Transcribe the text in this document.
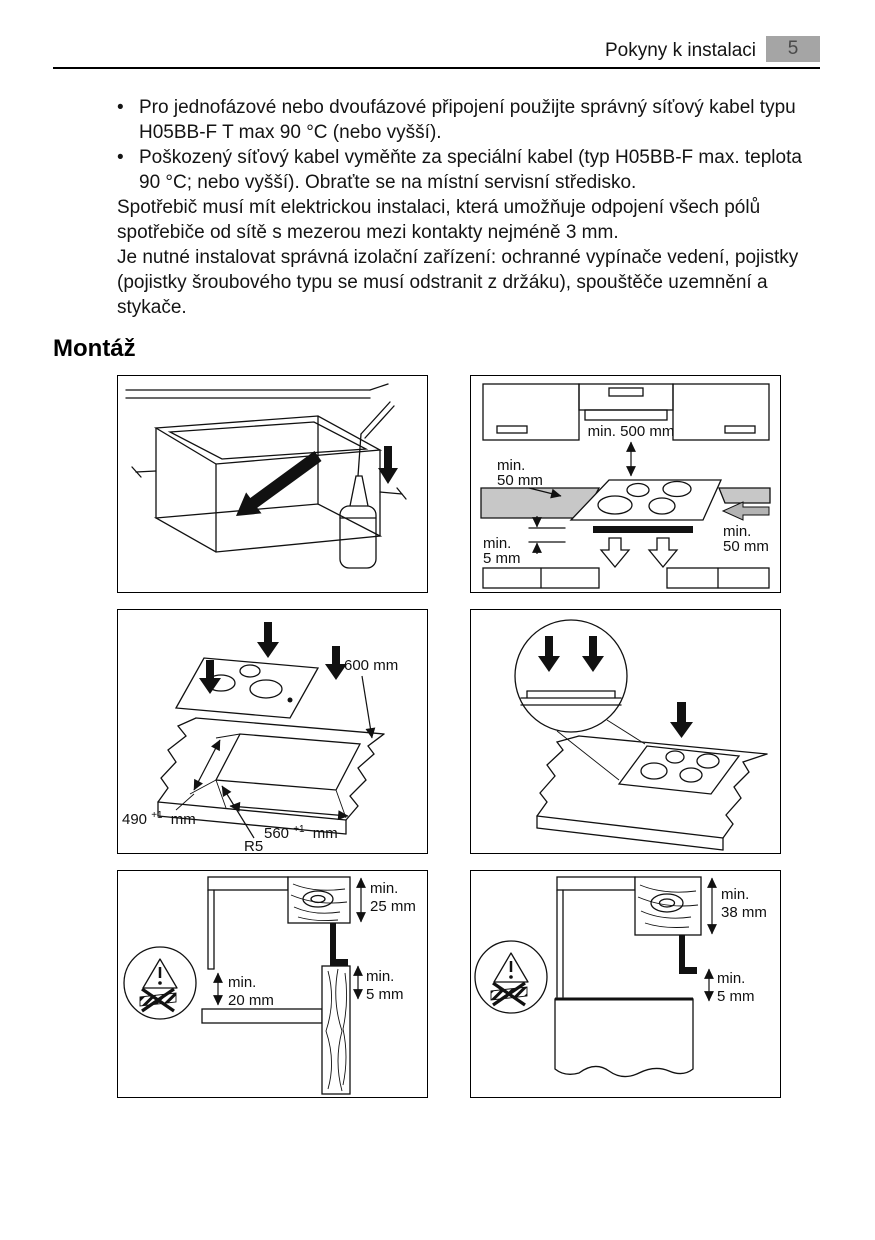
Pokyny k instalaci	5
• Pro jednofázové nebo dvoufázové připojení použijte správný síťový kabel typu H05BB-F T max 90 °C (nebo vyšší).
• Poškozený síťový kabel vyměňte za speciální kabel (typ H05BB-F max. teplota 90 °C; nebo vyšší). Obraťte se na místní servisní středisko.

Spotřebič musí mít elektrickou instalaci, která umožňuje odpojení všech pólů spotřebiče od sítě s mezerou mezi kontakty nejméně 3 mm.

Je nutné instalovat správná izolační zařízení: ochranné vypínače vedení, pojistky (pojistky šroubového typu se musí odstranit z držáku), spouštěče uzemnění a stykače.

Montáž
min. 500 mm
min.
50 mm
min.
50 mm
min.
5 mm
600 mm
490 $^{+1}$ mm
560 $^{+1}$ mm
R5
min.
25 mm
min.
20 mm
min.
5 mm
min.
38 mm
min.
5 mm
